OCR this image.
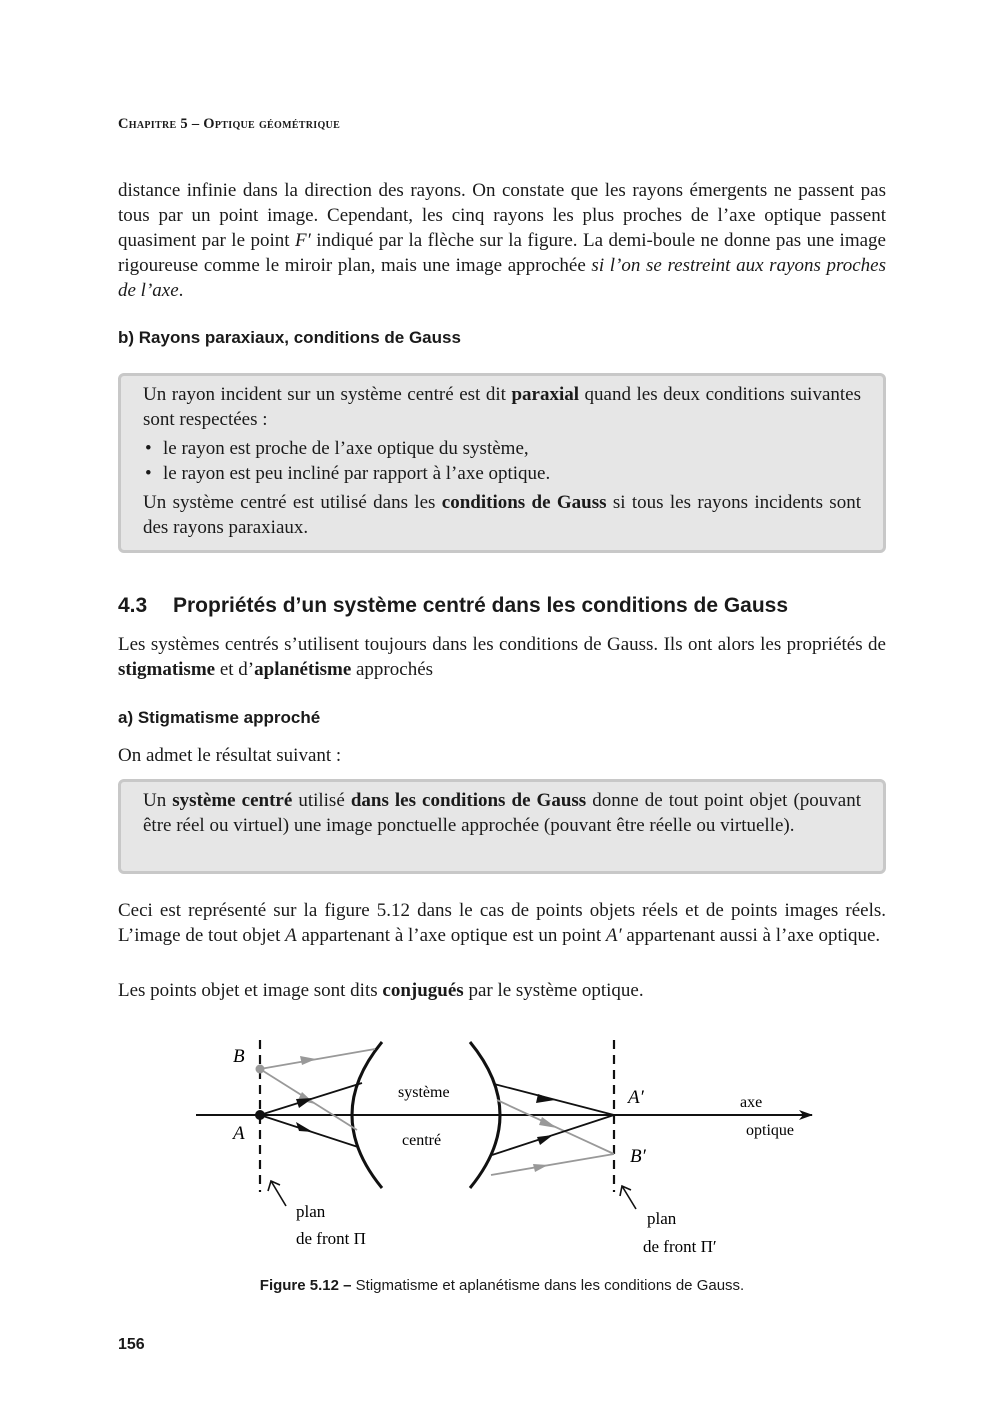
Chapitre 5 – Optique géométrique
distance infinie dans la direction des rayons. On constate que les rayons émergents ne passent pas tous par un point image. Cependant, les cinq rayons les plus proches de l’axe optique passent quasiment par le point F′ indiqué par la flèche sur la figure. La demi-boule ne donne pas une image rigoureuse comme le miroir plan, mais une image approchée si l’on se restreint aux rayons proches de l’axe.
b) Rayons paraxiaux, conditions de Gauss

Un rayon incident sur un système centré est dit paraxial quand les deux conditions suivantes sont respectées :

• le rayon est proche de l’axe optique du système,
• le rayon est peu incliné par rapport à l’axe optique.

Un système centré est utilisé dans les conditions de Gauss si tous les rayons incidents sont des rayons paraxiaux.

4.3 Propriétés d’un système centré dans les conditions de Gauss
Les systèmes centrés s’utilisent toujours dans les conditions de Gauss. Ils ont alors les propriétés de stigmatisme et d’aplanétisme approchés
a) Stigmatisme approché
On admet le résultat suivant :

Un système centré utilisé dans les conditions de Gauss donne de tout point objet (pouvant être réel ou virtuel) une image ponctuelle approchée (pouvant être réelle ou virtuelle).

Ceci est représenté sur la figure 5.12 dans le cas de points objets réels et de points images réels. L’image de tout objet A appartenant à l’axe optique est un point A′ appartenant aussi à l’axe optique.
Les points objet et image sont dits conjugués par le système optique.
B
A
A′
B′
système
centré
axe
optique
plan
de front Π
plan
de front Π′
Figure 5.12 – Stigmatisme et aplanétisme dans les conditions de Gauss.
156
